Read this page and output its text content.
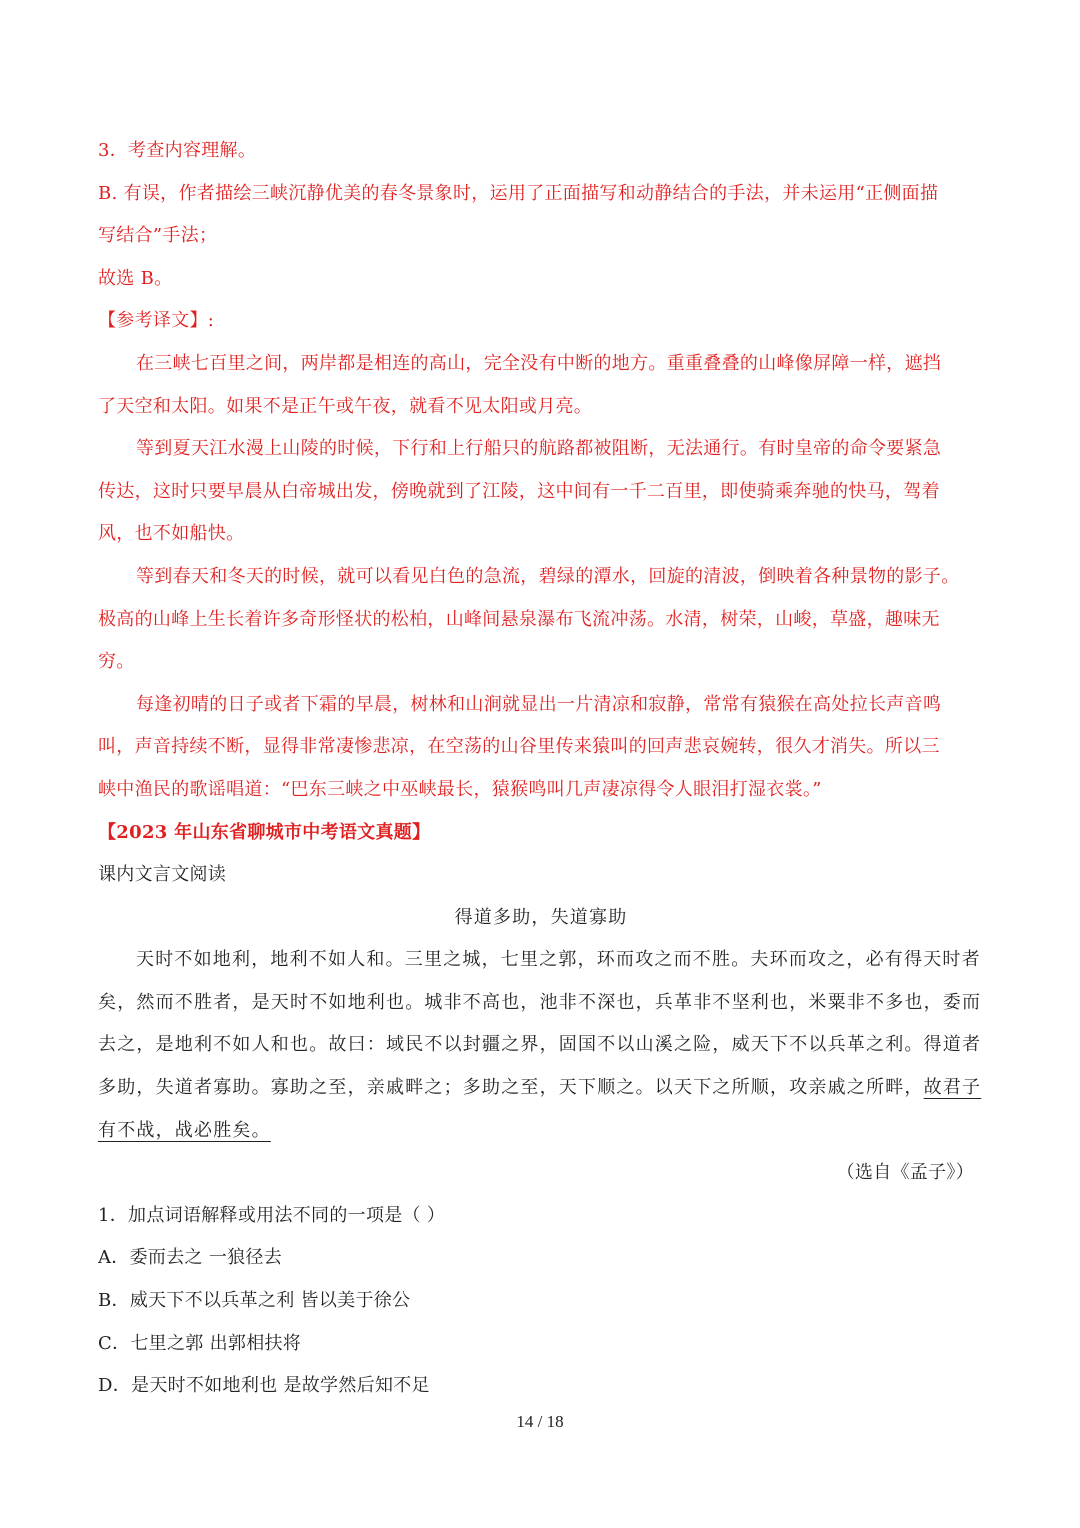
3．考查内容理解。
B. 有误，作者描绘三峡沉静优美的春冬景象时，运用了正面描写和动静结合的手法，并未运用“正侧面描
写结合”手法；
故选 B。
【参考译文】:
在三峡七百里之间，两岸都是相连的高山，完全没有中断的地方。重重叠叠的山峰像屏障一样，遮挡
了天空和太阳。如果不是正午或午夜，就看不见太阳或月亮。
等到夏天江水漫上山陵的时候，下行和上行船只的航路都被阻断，无法通行。有时皇帝的命令要紧急
传达，这时只要早晨从白帝城出发，傍晚就到了江陵，这中间有一千二百里，即使骑乘奔驰的快马，驾着
风，也不如船快。
等到春天和冬天的时候，就可以看见白色的急流，碧绿的潭水，回旋的清波，倒映着各种景物的影子。
极高的山峰上生长着许多奇形怪状的松柏，山峰间悬泉瀑布飞流冲荡。水清，树荣，山峻，草盛，趣味无
穷。
每逢初晴的日子或者下霜的早晨，树林和山涧就显出一片清凉和寂静，常常有猿猴在高处拉长声音鸣
叫，声音持续不断，显得非常凄惨悲凉，在空荡的山谷里传来猿叫的回声悲哀婉转，很久才消失。所以三
峡中渔民的歌谣唱道：“巴东三峡之中巫峡最长，猿猴鸣叫几声凄凉得令人眼泪打湿衣裳。”
【2023 年山东省聊城市中考语文真题】
课内文言文阅读
得道多助，失道寡助
天时不如地利，地利不如人和。三里之城，七里之郭，环而攻之而不胜。夫环而攻之，必有得天时者
矣，然而不胜者，是天时不如地利也。城非不高也，池非不深也，兵革非不坚利也，米粟非不多也，委而
去之，是地利不如人和也。故曰：域民不以封疆之界，固国不以山溪之险，威天下不以兵革之利。得道者
多助，失道者寡助。寡助之至，亲戚畔之；多助之至，天下顺之。以天下之所顺，攻亲戚之所畔，故君子
有不战，战必胜矣。
（选自《孟子》）
1．加点词语解释或用法不同的一项是（ ）
A．委而去之 一狼径去
B．威天下不以兵革之利 皆以美于徐公
C．七里之郭 出郭相扶将
D．是天时不如地利也 是故学然后知不足
14 / 18
